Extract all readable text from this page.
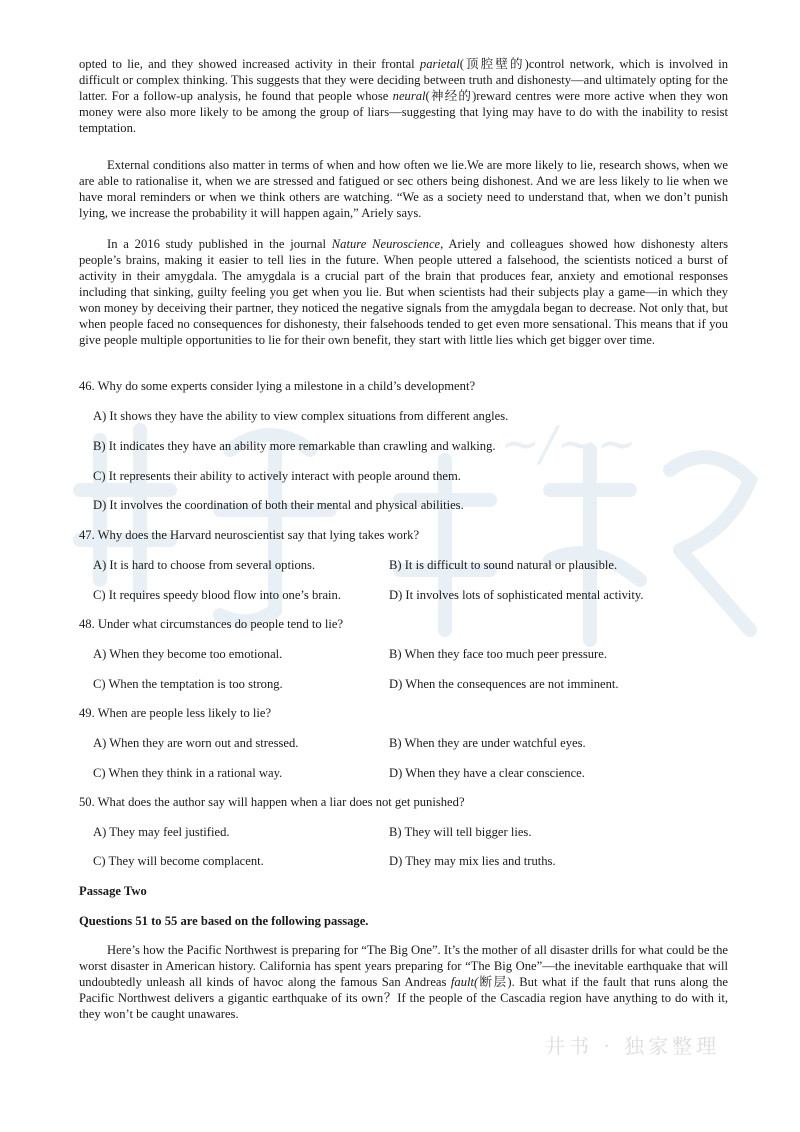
~/~~
井书 · 独家整理

opted to lie, and they showed increased activity in their frontal parietal(顶腔壁的)control network, which is involved in difficult or complex thinking. This suggests that they were deciding between truth and dishonesty—and ultimately opting for the latter. For a follow-up analysis, he found that people whose neural(神经的)reward centres were more active when they won money were also more likely to be among the group of liars—suggesting that lying may have to do with the inability to resist temptation.

External conditions also matter in terms of when and how often we lie.We are more likely to lie, research shows, when we are able to rationalise it, when we are stressed and fatigued or sec others being dishonest. And we are less likely to lie when we have moral reminders or when we think others are watching. “We as a society need to understand that, when we don’t punish lying, we increase the probability it will happen again,” Ariely says.

In a 2016 study published in the journal Nature Neuroscience, Ariely and colleagues showed how dishonesty alters people’s brains, making it easier to tell lies in the future. When people uttered a falsehood, the scientists noticed a burst of activity in their amygdala. The amygdala is a crucial part of the brain that produces fear, anxiety and emotional responses including that sinking, guilty feeling you get when you lie. But when scientists had their subjects play a game—in which they won money by deceiving their partner, they noticed the negative signals from the amygdala began to decrease. Not only that, but when people faced no consequences for dishonesty, their falsehoods tended to get even more sensational. This means that if you give people multiple opportunities to lie for their own benefit, they start with little lies which get bigger over time.

46. Why do some experts consider lying a milestone in a child’s development?

A) It shows they have the ability to view complex situations from different angles.

B) It indicates they have an ability more remarkable than crawling and walking.

C) It represents their ability to actively interact with people around them.

D) It involves the coordination of both their mental and physical abilities.

47. Why does the Harvard neuroscientist say that lying takes work?

A) It is hard to choose from several options.	B) It is difficult to sound natural or plausible.

C) It requires speedy blood flow into one’s brain.	D) It involves lots of sophisticated mental activity.

48. Under what circumstances do people tend to lie?

A) When they become too emotional.	B) When they face too much peer pressure.

C) When the temptation is too strong.	D) When the consequences are not imminent.

49. When are people less likely to lie?

A) When they are worn out and stressed.	B) When they are under watchful eyes.

C) When they think in a rational way.	D) When they have a clear conscience.

50. What does the author say will happen when a liar does not get punished?

A) They may feel justified.	B) They will tell bigger lies.

C) They will become complacent.	D) They may mix lies and truths.

Passage Two

Questions 51 to 55 are based on the following passage.

Here’s how the Pacific Northwest is preparing for “The Big One”. It’s the mother of all disaster drills for what could be the worst disaster in American history. California has spent years preparing for “The Big One”—the inevitable earthquake that will undoubtedly unleash all kinds of havoc along the famous San Andreas fault(断层). But what if the fault that runs along the Pacific Northwest delivers a gigantic earthquake of its own？If the people of the Cascadia region have anything to do with it, they won’t be caught unawares.
